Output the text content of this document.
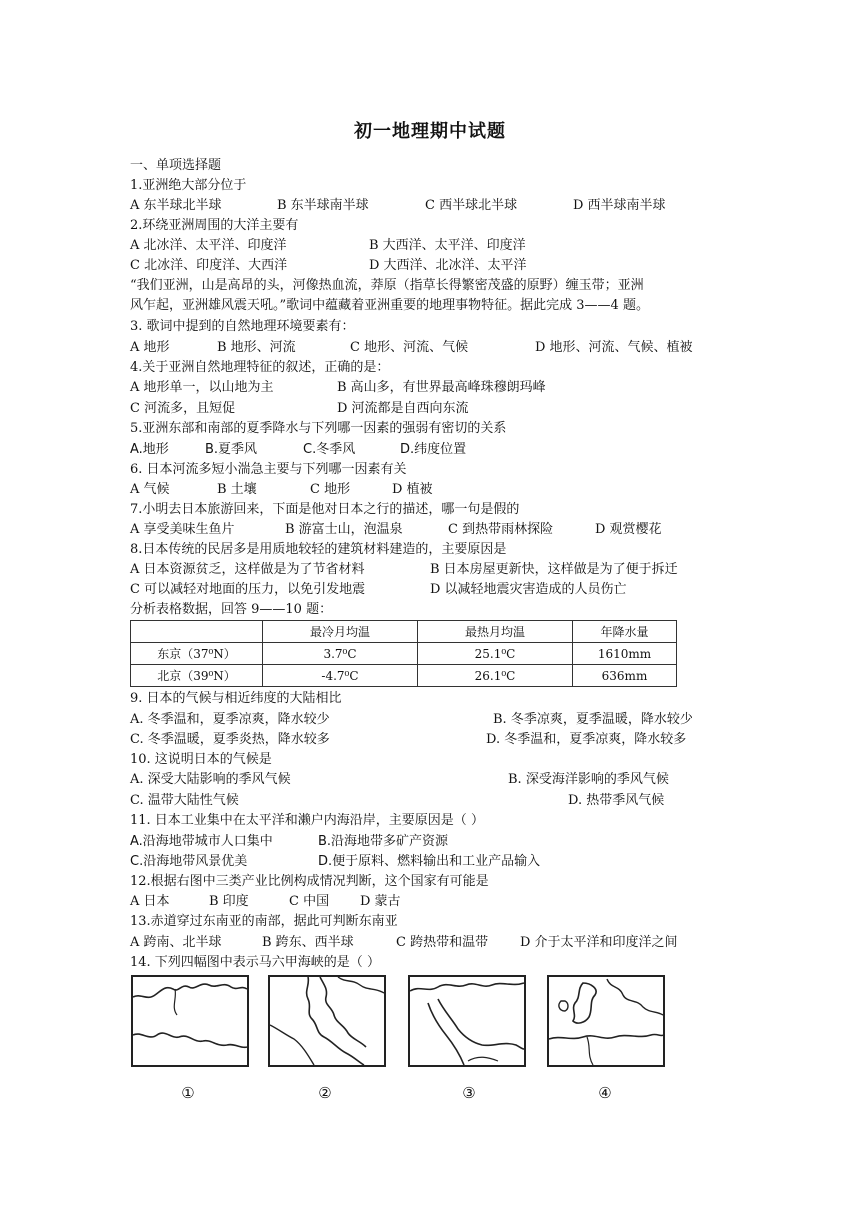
初一地理期中试题
一、单项选择题
1.亚洲绝大部分位于
A 东半球北半球	B 东半球南半球	C 西半球北半球	D 西半球南半球
2.环绕亚洲周围的大洋主要有
A 北冰洋、太平洋、印度洋	B 大西洋、太平洋、印度洋
C 北冰洋、印度洋、大西洋	D 大西洋、北冰洋、太平洋
“我们亚洲，山是高昂的头，河像热血流，莽原（指草长得繁密茂盛的原野）缠玉带；亚洲
风乍起，亚洲雄风震天吼。”歌词中蕴藏着亚洲重要的地理事物特征。据此完成 3——4 题。
3. 歌词中提到的自然地理环境要素有：
A 地形	B 地形、河流	C 地形、河流、气候	D 地形、河流、气候、植被
4.关于亚洲自然地理特征的叙述，正确的是：
A 地形单一，以山地为主	B 高山多，有世界最高峰珠穆朗玛峰
C 河流多，且短促	D 河流都是自西向东流
5.亚洲东部和南部的夏季降水与下列哪一因素的强弱有密切的关系
A.地形	B.夏季风	C.冬季风	D.纬度位置
6. 日本河流多短小湍急主要与下列哪一因素有关
A 气候	B 土壤	C 地形	D 植被
7.小明去日本旅游回来，下面是他对日本之行的描述，哪一句是假的
A 享受美味生鱼片	B 游富士山，泡温泉	C 到热带雨林探险	D 观赏樱花
8.日本传统的民居多是用质地较轻的建筑材料建造的，主要原因是
A 日本资源贫乏，这样做是为了节省材料	B 日本房屋更新快，这样做是为了便于拆迁
C 可以减轻对地面的压力，以免引发地震	D 以减轻地震灾害造成的人员伤亡
分析表格数据，回答 9——10 题：
	最冷月均温	最热月均温	年降水量
东京（37⁰N）	3.7⁰C	25.1⁰C	1610mm
北京（39⁰N）	-4.7⁰C	26.1⁰C	636mm
9. 日本的气候与相近纬度的大陆相比
A. 冬季温和，夏季凉爽，降水较少	B. 冬季凉爽，夏季温暖，降水较少
C. 冬季温暖，夏季炎热，降水较多	D. 冬季温和，夏季凉爽，降水较多
10. 这说明日本的气候是
A. 深受大陆影响的季风气候	B. 深受海洋影响的季风气候
C. 温带大陆性气候	D. 热带季风气候
11. 日本工业集中在太平洋和濑户内海沿岸，主要原因是（ ）
A.沿海地带城市人口集中	B.沿海地带多矿产资源
C.沿海地带风景优美	D.便于原料、燃料输出和工业产品输入
12.根据右图中三类产业比例构成情况判断，这个国家有可能是
A 日本	B 印度	C 中国 D 蒙古
13.赤道穿过东南亚的南部，据此可判断东南亚
A 跨南、北半球	B 跨东、西半球	C 跨热带和温带 D 介于太平洋和印度洋之间
14. 下列四幅图中表示马六甲海峡的是（ ）
①	②	③	④
